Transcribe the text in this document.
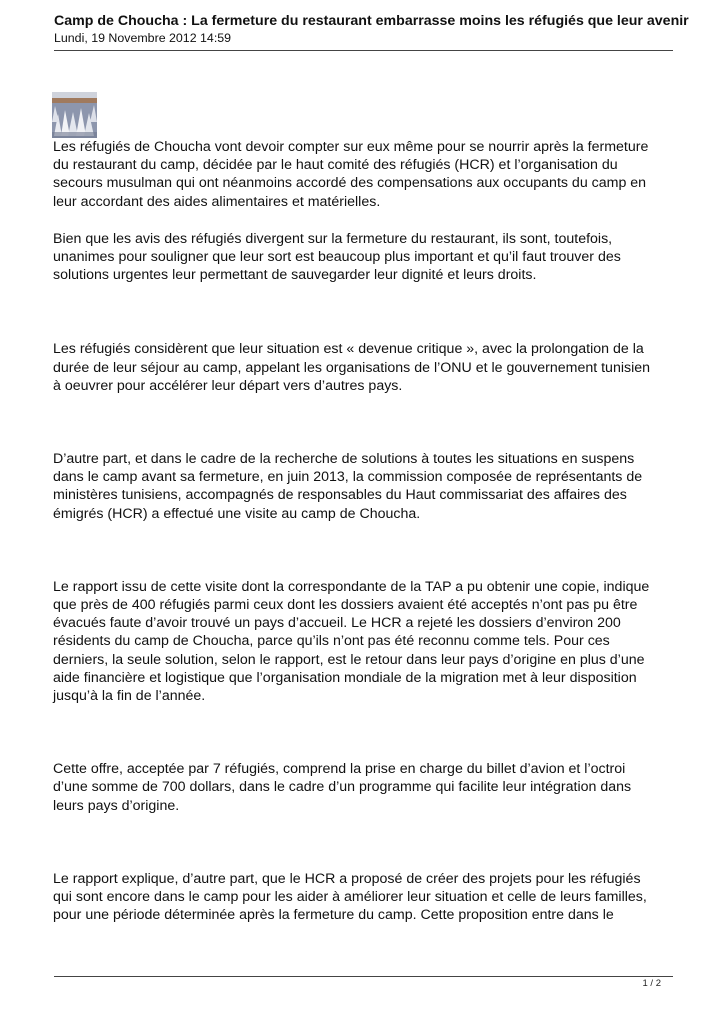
Camp de Choucha : La fermeture du restaurant embarrasse moins les réfugiés que leur avenir
Lundi, 19 Novembre 2012 14:59

Les réfugiés de Choucha vont devoir compter sur eux même pour se nourrir après la fermeture
du restaurant du camp, décidée par le haut comité des réfugiés (HCR) et l’organisation du
secours musulman qui ont néanmoins accordé des compensations aux occupants du camp en
leur accordant des aides alimentaires et matérielles.

Bien que les avis des réfugiés divergent sur la fermeture du restaurant, ils sont, toutefois,
unanimes pour souligner que leur sort est beaucoup plus important et qu’il faut trouver des
solutions urgentes leur permettant de sauvegarder leur dignité et leurs droits.

Les réfugiés considèrent que leur situation est « devenue critique », avec la prolongation de la
durée de leur séjour au camp, appelant les organisations de l’ONU et le gouvernement tunisien
à oeuvrer pour accélérer leur départ vers d’autres pays.

D’autre part, et dans le cadre de la recherche de solutions à toutes les situations en suspens
dans le camp avant sa fermeture, en juin 2013, la commission composée de représentants de
ministères tunisiens, accompagnés de responsables du Haut commissariat des affaires des
émigrés (HCR) a effectué une visite au camp de Choucha.

Le rapport issu de cette visite dont la correspondante de la TAP a pu obtenir une copie, indique
que près de 400 réfugiés parmi ceux dont les dossiers avaient été acceptés n’ont pas pu être
évacués faute d’avoir trouvé un pays d’accueil. Le HCR a rejeté les dossiers d’environ 200
résidents du camp de Choucha, parce qu’ils n’ont pas été reconnu comme tels. Pour ces
derniers, la seule solution, selon le rapport, est le retour dans leur pays d’origine en plus d’une
aide financière et logistique que l’organisation mondiale de la migration met à leur disposition
jusqu’à la fin de l’année.

Cette offre, acceptée par 7 réfugiés, comprend la prise en charge du billet d’avion et l’octroi
d’une somme de 700 dollars, dans le cadre d’un programme qui facilite leur intégration dans
leurs pays d’origine.

Le rapport explique, d’autre part, que le HCR a proposé de créer des projets pour les réfugiés
qui sont encore dans le camp pour les aider à améliorer leur situation et celle de leurs familles,
pour une période déterminée après la fermeture du camp. Cette proposition entre dans le

1 / 2
